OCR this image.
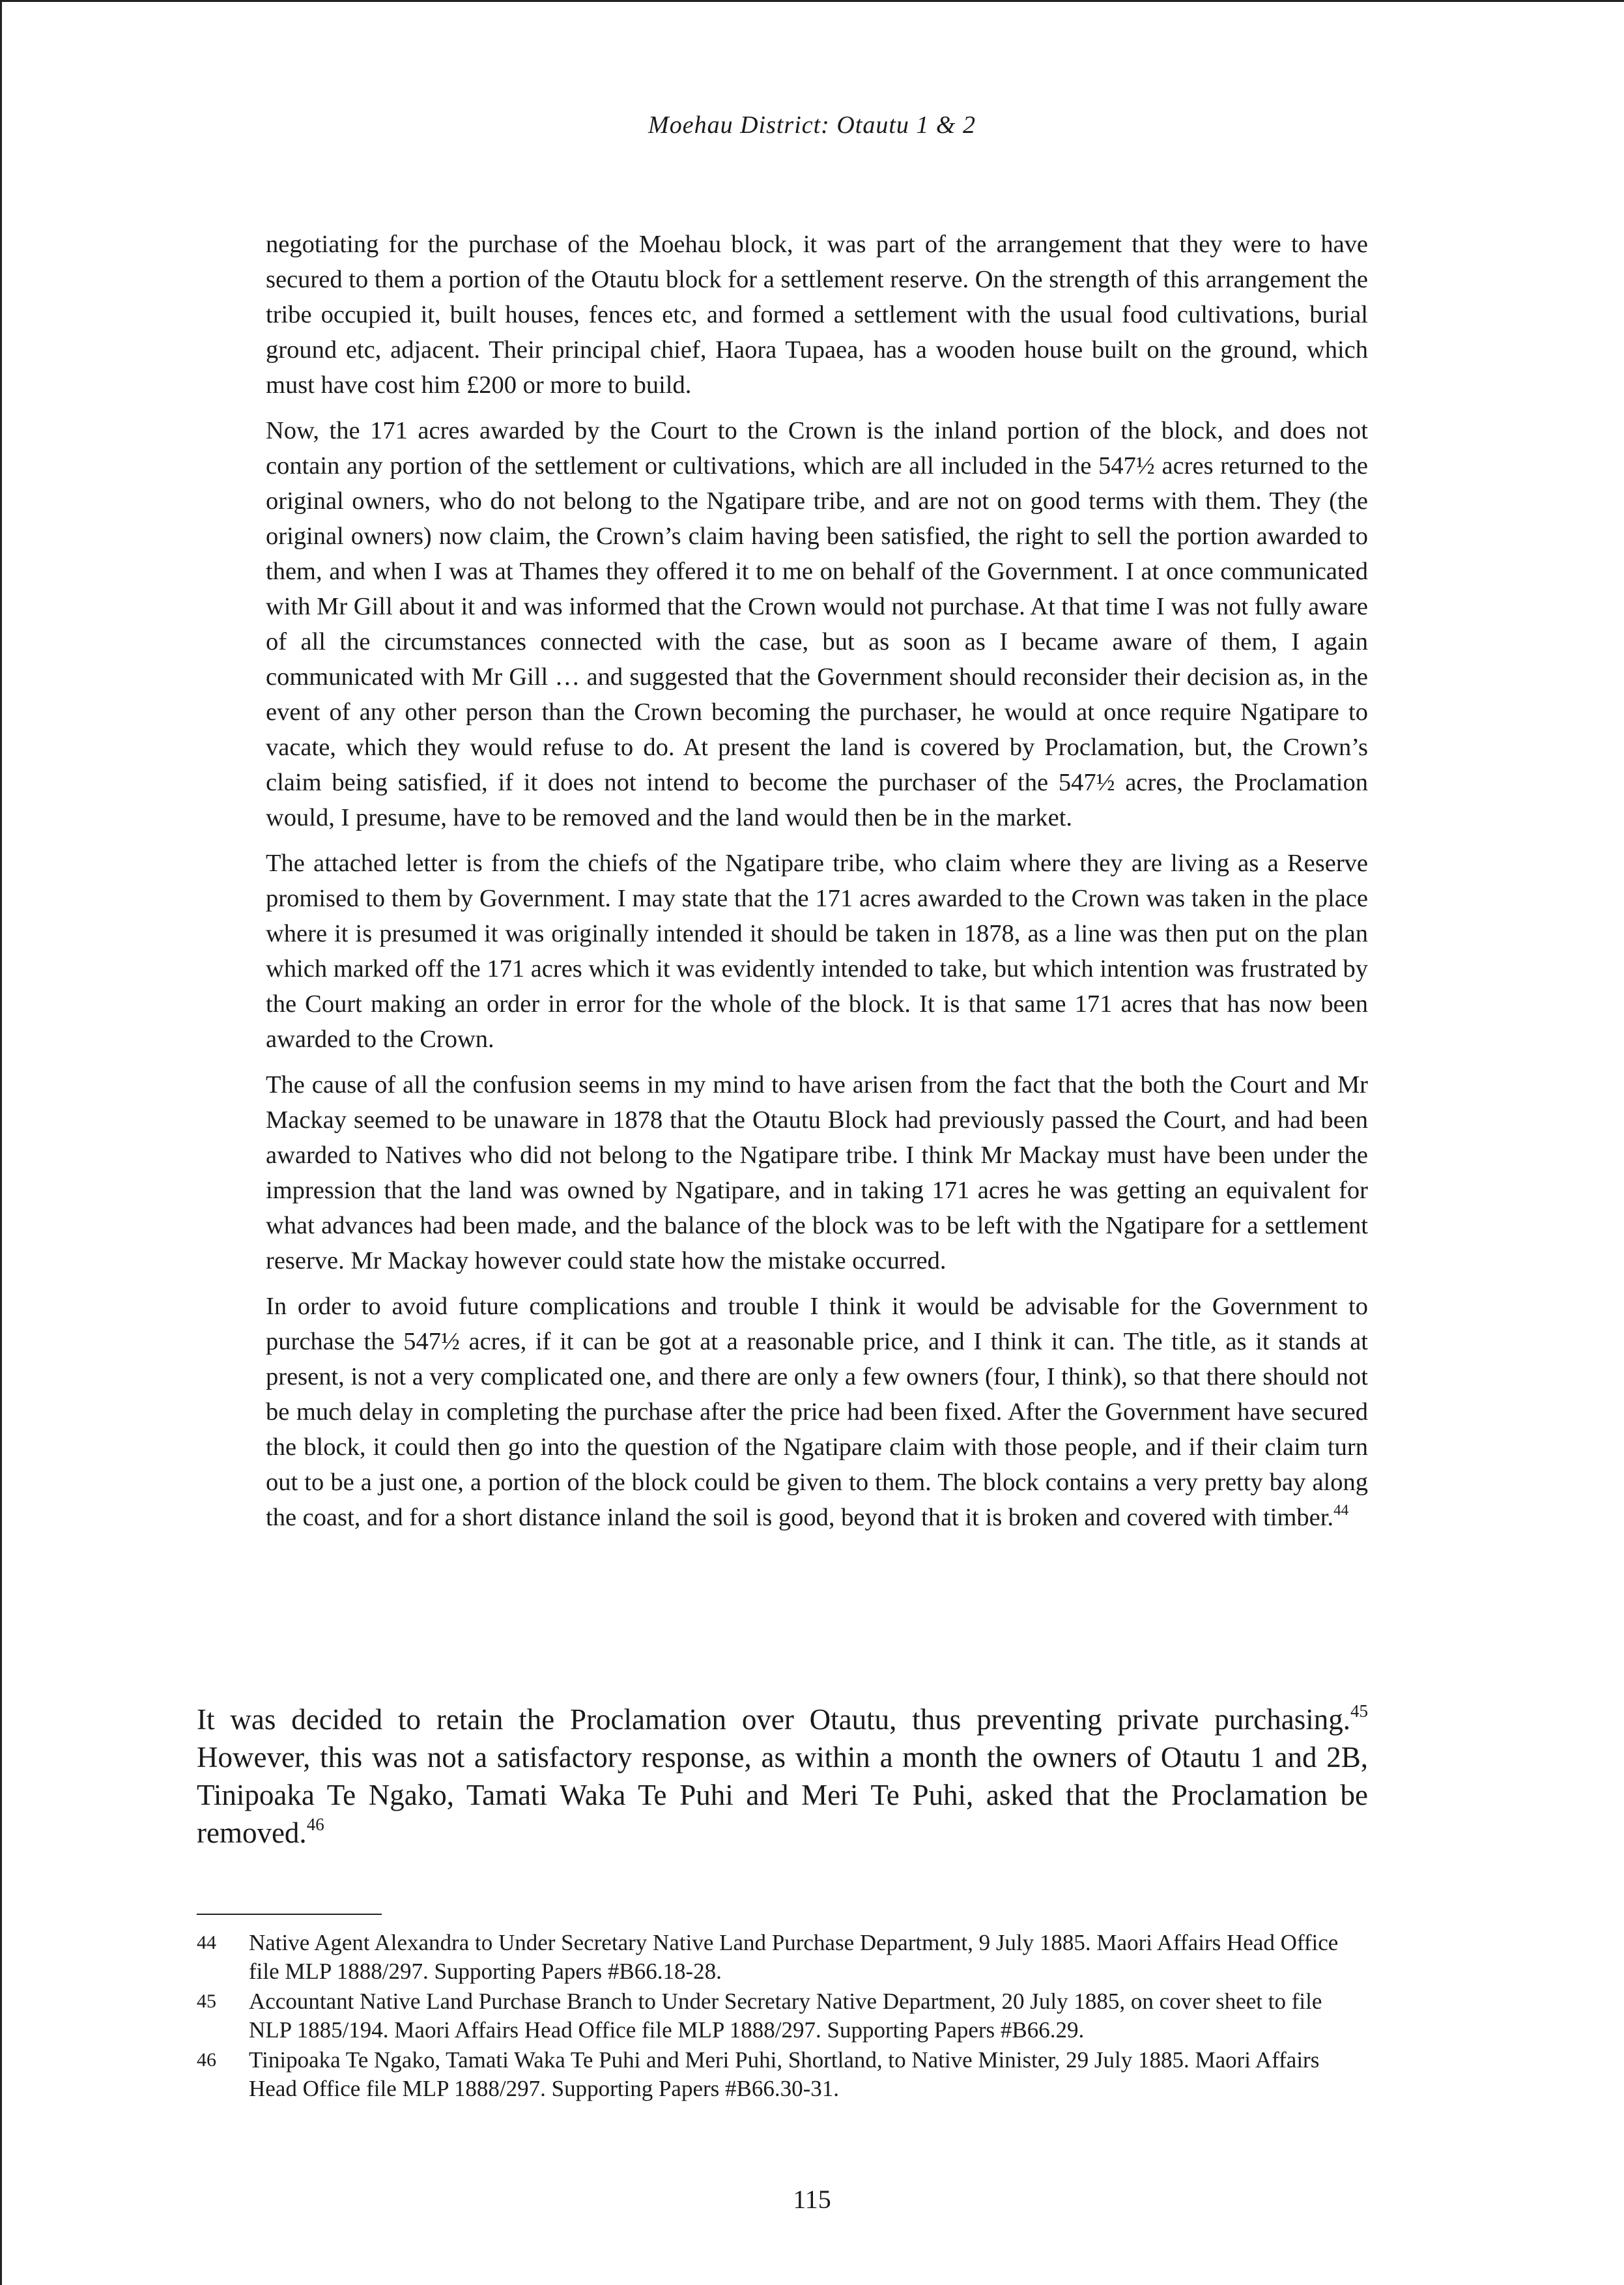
Moehau District: Otautu 1 & 2

negotiating for the purchase of the Moehau block, it was part of the arrangement that they were to have secured to them a portion of the Otautu block for a settlement reserve. On the strength of this arrangement the tribe occupied it, built houses, fences etc, and formed a settlement with the usual food cultivations, burial ground etc, adjacent. Their principal chief, Haora Tupaea, has a wooden house built on the ground, which must have cost him £200 or more to build.

Now, the 171 acres awarded by the Court to the Crown is the inland portion of the block, and does not contain any portion of the settlement or cultivations, which are all included in the 547½ acres returned to the original owners, who do not belong to the Ngatipare tribe, and are not on good terms with them. They (the original owners) now claim, the Crown’s claim having been satisfied, the right to sell the portion awarded to them, and when I was at Thames they offered it to me on behalf of the Government. I at once communicated with Mr Gill about it and was informed that the Crown would not purchase. At that time I was not fully aware of all the circumstances connected with the case, but as soon as I became aware of them, I again communicated with Mr Gill … and suggested that the Government should reconsider their decision as, in the event of any other person than the Crown becoming the purchaser, he would at once require Ngatipare to vacate, which they would refuse to do. At present the land is covered by Proclamation, but, the Crown’s claim being satisfied, if it does not intend to become the purchaser of the 547½ acres, the Proclamation would, I presume, have to be removed and the land would then be in the market.

The attached letter is from the chiefs of the Ngatipare tribe, who claim where they are living as a Reserve promised to them by Government. I may state that the 171 acres awarded to the Crown was taken in the place where it is presumed it was originally intended it should be taken in 1878, as a line was then put on the plan which marked off the 171 acres which it was evidently intended to take, but which intention was frustrated by the Court making an order in error for the whole of the block. It is that same 171 acres that has now been awarded to the Crown.

The cause of all the confusion seems in my mind to have arisen from the fact that the both the Court and Mr Mackay seemed to be unaware in 1878 that the Otautu Block had previously passed the Court, and had been awarded to Natives who did not belong to the Ngatipare tribe. I think Mr Mackay must have been under the impression that the land was owned by Ngatipare, and in taking 171 acres he was getting an equivalent for what advances had been made, and the balance of the block was to be left with the Ngatipare for a settlement reserve. Mr Mackay however could state how the mistake occurred.

In order to avoid future complications and trouble I think it would be advisable for the Government to purchase the 547½ acres, if it can be got at a reasonable price, and I think it can. The title, as it stands at present, is not a very complicated one, and there are only a few owners (four, I think), so that there should not be much delay in completing the purchase after the price had been fixed. After the Government have secured the block, it could then go into the question of the Ngatipare claim with those people, and if their claim turn out to be a just one, a portion of the block could be given to them. The block contains a very pretty bay along the coast, and for a short distance inland the soil is good, beyond that it is broken and covered with timber.$^{44}$

It was decided to retain the Proclamation over Otautu, thus preventing private purchasing.$^{45}$ However, this was not a satisfactory response, as within a month the owners of Otautu 1 and 2B, Tinipoaka Te Ngako, Tamati Waka Te Puhi and Meri Te Puhi, asked that the Proclamation be removed.$^{46}$

44	Native Agent Alexandra to Under Secretary Native Land Purchase Department, 9 July 1885. Maori Affairs Head Office file MLP 1888/297. Supporting Papers #B66.18-28.
45	Accountant Native Land Purchase Branch to Under Secretary Native Department, 20 July 1885, on cover sheet to file NLP 1885/194. Maori Affairs Head Office file MLP 1888/297. Supporting Papers #B66.29.
46	Tinipoaka Te Ngako, Tamati Waka Te Puhi and Meri Puhi, Shortland, to Native Minister, 29 July 1885. Maori Affairs Head Office file MLP 1888/297. Supporting Papers #B66.30-31.
115
